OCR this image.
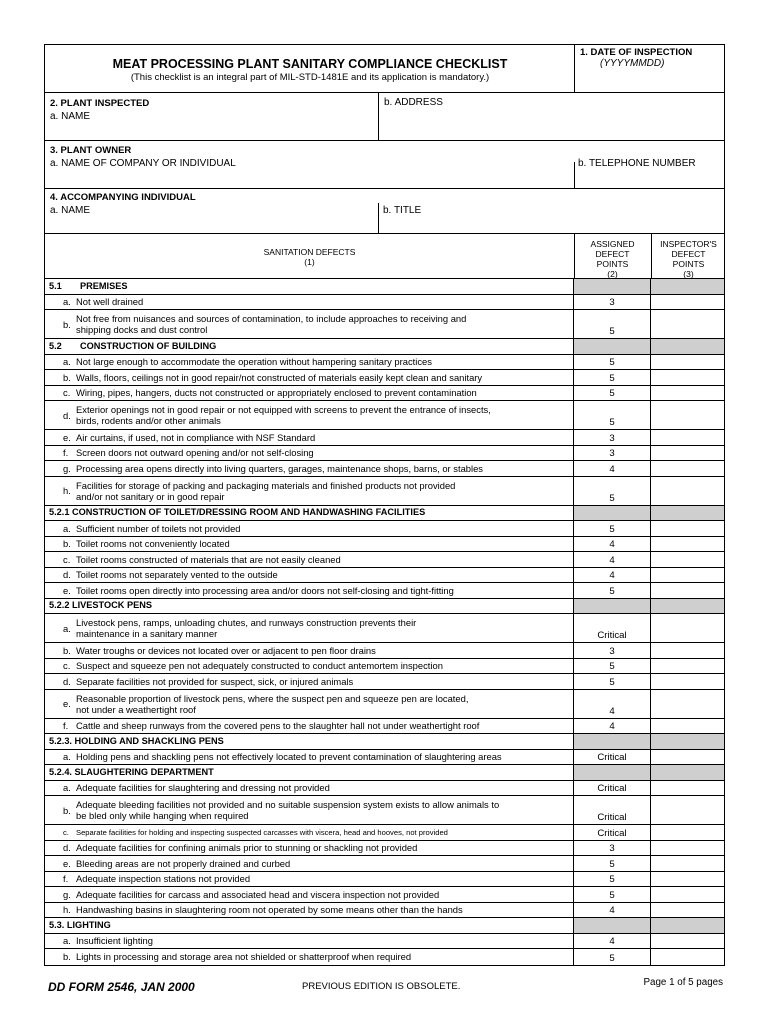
MEAT PROCESSING PLANT SANITARY COMPLIANCE CHECKLIST
(This checklist is an integral part of MIL-STD-1481E and its application is mandatory.)
1. DATE OF INSPECTION
(YYYYMMDD)
2. PLANT INSPECTED
a. NAME
b. ADDRESS
3. PLANT OWNER
a. NAME OF COMPANY OR INDIVIDUAL	b. TELEPHONE NUMBER
4. ACCOMPANYING INDIVIDUAL
a. NAME	b. TITLE
SANITATION DEFECTS
(1)
ASSIGNED
DEFECT
POINTS
(2)
INSPECTOR'S
DEFECT
POINTS
(3)
5.1	PREMISES
a. Not well drained	3
b. Not free from nuisances and sources of contamination, to include approaches to receiving and
shipping docks and dust control	5
5.2	CONSTRUCTION OF BUILDING
a. Not large enough to accommodate the operation without hampering sanitary practices	5
b. Walls, floors, ceilings not in good repair/not constructed of materials easily kept clean and sanitary	5
c. Wiring, pipes, hangers, ducts not constructed or appropriately enclosed to prevent contamination	5
d. Exterior openings not in good repair or not equipped with screens to prevent the entrance of insects,
birds, rodents and/or other animals	5
e. Air curtains, if used, not in compliance with NSF Standard	3
f. Screen doors not outward opening and/or not self-closing	3
g. Processing area opens directly into living quarters, garages, maintenance shops, barns, or stables	4
h. Facilities for storage of packing and packaging materials and finished products not provided
and/or not sanitary or in good repair	5
5.2.1 CONSTRUCTION OF TOILET/DRESSING ROOM AND HANDWASHING FACILITIES
a. Sufficient number of toilets not provided	5
b. Toilet rooms not conveniently located	4
c. Toilet rooms constructed of materials that are not easily cleaned	4
d. Toilet rooms not separately vented to the outside	4
e. Toilet rooms open directly into processing area and/or doors not self-closing and tight-fitting	5
5.2.2 LIVESTOCK PENS
a. Livestock pens, ramps, unloading chutes, and runways construction prevents their
maintenance in a sanitary manner	Critical
b. Water troughs or devices not located over or adjacent to pen floor drains	3
c. Suspect and squeeze pen not adequately constructed to conduct antemortem inspection	5
d. Separate facilities not provided for suspect, sick, or injured animals	5
e. Reasonable proportion of livestock pens, where the suspect pen and squeeze pen are located,
not under a weathertight roof	4
f. Cattle and sheep runways from the covered pens to the slaughter hall not under weathertight roof	4
5.2.3. HOLDING AND SHACKLING PENS
a. Holding pens and shackling pens not effectively located to prevent contamination of slaughtering areas	Critical
5.2.4. SLAUGHTERING DEPARTMENT
a. Adequate facilities for slaughtering and dressing not provided	Critical
b. Adequate bleeding facilities not provided and no suitable suspension system exists to allow animals to
be bled only while hanging when required	Critical
c. Separate facilities for holding and inspecting suspected carcasses with viscera, head and hooves, not provided	Critical
d. Adequate facilities for confining animals prior to stunning or shackling not provided	3
e. Bleeding areas are not properly drained and curbed	5
f. Adequate inspection stations not provided	5
g. Adequate facilities for carcass and associated head and viscera inspection not provided	5
h. Handwashing basins in slaughtering room not operated by some means other than the hands	4
5.3. LIGHTING
a. Insufficient lighting	4
b. Lights in processing and storage area not shielded or shatterproof when required	5
DD FORM 2546, JAN 2000	PREVIOUS EDITION IS OBSOLETE.	Page 1 of 5 pages
